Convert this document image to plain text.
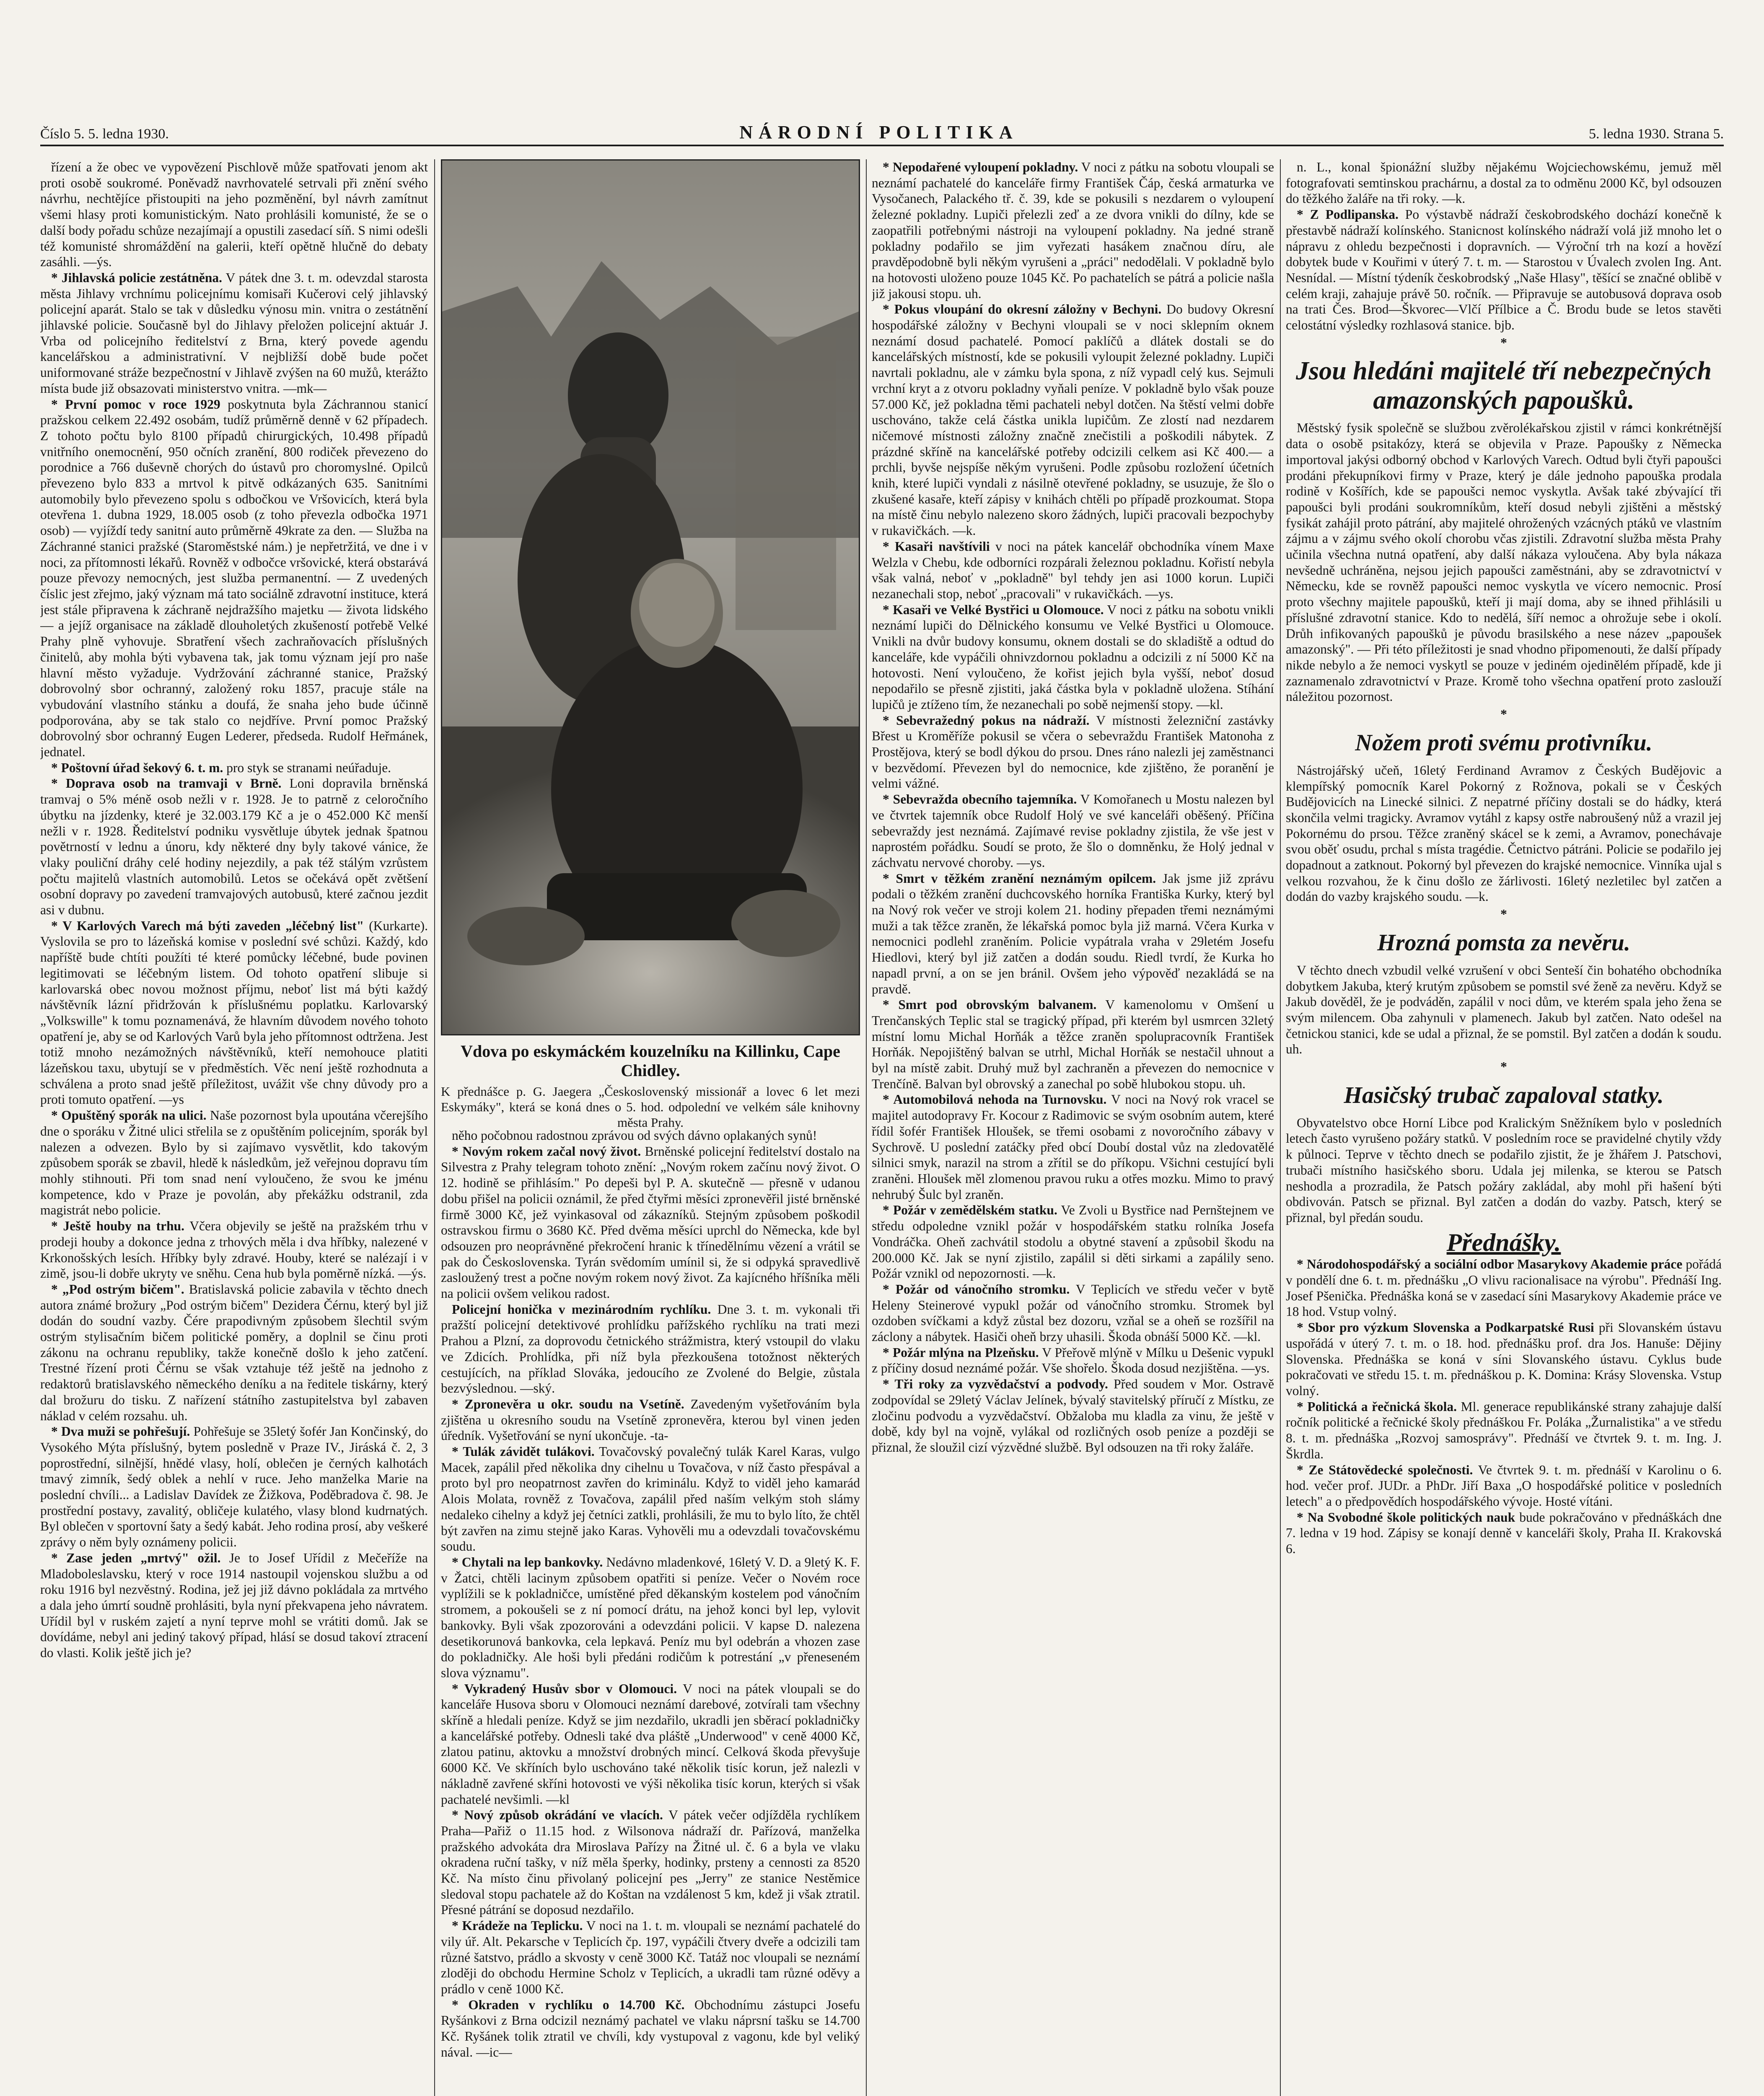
Číslo 5. 5. ledna 1930.	NÁRODNÍ POLITIKA	5. ledna 1930. Strana 5.

řízení a že obec ve vypovězení Pischlově může spatřovati jenom akt proti osobě soukromé. Poněvadž navrhovatelé setrvali při znění svého návrhu, nechtějíce přistoupiti na jeho pozměnění, byl návrh zamítnut všemi hlasy proti komunistickým. Nato prohlásili komunisté, že se o další body pořadu schůze nezajímají a opustili zasedací síň. S nimi odešli též komunisté shromáždění na galerii, kteří opětně hlučně do debaty zasáhli. —ýs.

* Jihlavská policie zestátněna. V pátek dne 3. t. m. odevzdal starosta města Jihlavy vrchnímu policejnímu komisaři Kučerovi celý jihlavský policejní aparát. Stalo se tak v důsledku výnosu min. vnitra o zestátnění jihlavské policie. Současně byl do Jihlavy přeložen policejní aktuár J. Vrba od policejního ředitelství z Brna, který povede agendu kancelářskou a administrativní. V nejbližší době bude počet uniformované stráže bezpečnostní v Jihlavě zvýšen na 60 mužů, kterážto místa bude již obsazovati ministerstvo vnitra. —mk—

* První pomoc v roce 1929 poskytnuta byla Záchrannou stanicí pražskou celkem 22.492 osobám, tudíž průměrně denně v 62 případech. Z tohoto počtu bylo 8100 případů chirurgických, 10.498 případů vnitřního onemocnění, 950 očních zranění, 800 rodiček převezeno do porodnice a 766 duševně chorých do ústavů pro choromyslné. Opilců převezeno bylo 833 a mrtvol k pitvě odkázaných 635. Sanitními automobily bylo převezeno spolu s odbočkou ve Vršovicích, která byla otevřena 1. dubna 1929, 18.005 osob (z toho převezla odbočka 1971 osob) — vyjíždí tedy sanitní auto průměrně 49krate za den. — Služba na Záchranné stanici pražské (Staroměstské nám.) je nepřetržitá, ve dne i v noci, za přítomnosti lékařů. Rovněž v odbočce vršovické, která obstarává pouze převozy nemocných, jest služba permanentní. — Z uvedených číslic jest zřejmo, jaký význam má tato sociálně zdravotní instituce, která jest stále připravena k záchraně nejdražšího majetku — života lidského — a jejíž organisace na základě dlouholetých zkušeností potřebě Velké Prahy plně vyhovuje. Sbratření všech zachraňovacích příslušných činitelů, aby mohla býti vybavena tak, jak tomu význam její pro naše hlavní město vyžaduje. Vydržování záchranné stanice, Pražský dobrovolný sbor ochranný, založený roku 1857, pracuje stále na vybudování vlastního stánku a doufá, že snaha jeho bude účinně podporována, aby se tak stalo co nejdříve. První pomoc Pražský dobrovolný sbor ochranný Eugen Lederer, předseda. Rudolf Heřmánek, jednatel.

* Poštovní úřad šekový 6. t. m. pro styk se stranami neúřaduje.

* Doprava osob na tramvaji v Brně. Loni dopravila brněnská tramvaj o 5% méně osob nežli v r. 1928. Je to patrně z celoročního úbytku na jízdenky, které je 32.003.179 Kč a je o 452.000 Kč menší nežli v r. 1928. Ředitelství podniku vysvětluje úbytek jednak špatnou povětrností v lednu a únoru, kdy některé dny byly takové vánice, že vlaky pouliční dráhy celé hodiny nejezdily, a pak též stálým vzrůstem počtu majitelů vlastních automobilů. Letos se očekává opět zvětšení osobní dopravy po zavedení tramvajových autobusů, které začnou jezdit asi v dubnu.

* V Karlových Varech má býti zaveden „léčebný list" (Kurkarte). Vyslovila se pro to lázeňská komise v poslední své schůzi. Každý, kdo napříště bude chtíti použíti té které pomůcky léčebné, bude povinen legitimovati se léčebným listem. Od tohoto opatření slibuje si karlovarská obec novou možnost příjmu, neboť list má býti každý návštěvník lázní přidržován k příslušnému poplatku. Karlovarský „Volkswille" k tomu poznamenává, že hlavním důvodem nového tohoto opatření je, aby se od Karlových Varů byla jeho přítomnost odtržena. Jest totiž mnoho nezámožných návštěvníků, kteří nemohouce platiti lázeňskou taxu, ubytují se v předměstích. Věc není ještě rozhodnuta a schválena a proto snad ještě příležitost, uvážit vše chny důvody pro a proti tomuto opatření. —ys

* Opuštěný sporák na ulici. Naše pozornost byla upoutána včerejšího dne o sporáku v Žitné ulici střelila se z opuštěním policejním, sporák byl nalezen a odvezen. Bylo by si zajímavo vysvětlit, kdo takovým způsobem sporák se zbavil, hledě k následkům, jež veřejnou dopravu tím mohly stihnouti. Při tom snad není vyloučeno, že svou ke jménu kompetence, kdo v Praze je povolán, aby překážku odstranil, zda magistrát nebo policie.

* Ještě houby na trhu. Včera objevily se ještě na pražském trhu v prodeji houby a dokonce jedna z trhových měla i dva hříbky, nalezené v Krkonošských lesích. Hříbky byly zdravé. Houby, které se nalézají i v zimě, jsou-li dobře ukryty ve sněhu. Cena hub byla poměrně nízká. —ýs.

* „Pod ostrým bičem". Bratislavská policie zabavila v těchto dnech autora známé brožury „Pod ostrým bičem" Dezidera Čérnu, který byl již dodán do soudní vazby. Čére prapodivným způsobem šlechtil svým ostrým stylisačním bičem politické poměry, a doplnil se činu proti zákonu na ochranu republiky, takže konečně došlo k jeho zatčení. Trestné řízení proti Čérnu se však vztahuje též ještě na jednoho z redaktorů bratislavského německého deníku a na ředitele tiskárny, který dal brožuru do tisku. Z nařízení státního zastupitelstva byl zabaven náklad v celém rozsahu. uh.

* Dva muži se pohřešují. Pohřešuje se 35letý šofér Jan Končinský, do Vysokého Mýta příslušný, bytem posledně v Praze IV., Jiráská č. 2, 3 poprostřední, silnější, hnědé vlasy, holí, oblečen je černých kalhotách tmavý zimník, šedý oblek a nehlí v ruce. Jeho manželka Marie na poslední chvíli... a Ladislav Davídek ze Žižkova, Poděbradova č. 98. Je prostřední postavy, zavalitý, obličeje kulatého, vlasy blond kudrnatých. Byl oblečen v sportovní šaty a šedý kabát. Jeho rodina prosí, aby veškeré zprávy o něm byly oznámeny policii.

* Zase jeden „mrtvý" ožil. Je to Josef Uřídil z Mečeříže na Mladoboleslavsku, který v roce 1914 nastoupil vojenskou službu a od roku 1916 byl nezvěstný. Rodina, jež jej již dávno pokládala za mrtvého a dala jeho úmrtí soudně prohlásiti, byla nyní překvapena jeho návratem. Uřídil byl v ruském zajetí a nyní teprve mohl se vrátiti domů. Jak se dovídáme, nebyl ani jediný takový případ, hlásí se dosud takoví ztracení do vlasti. Kolik ještě jich je?

Vdova po eskymáckém kouzelníku na Killinku, Cape Chidley.
K přednášce p. G. Jaegera „Československý missionář a lovec 6 let mezi Eskymáky", která se koná dnes o 5. hod. odpolední ve velkém sále knihovny města Prahy.

něho počobnou radostnou zprávou od svých dávno oplakaných synů!

* Novým rokem začal nový život. Brněnské policejní ředitelství dostalo na Silvestra z Prahy telegram tohoto znění: „Novým rokem začínu nový život. O 12. hodině se přihlásím." Po depeši byl P. A. skutečně — přesně v udanou dobu přišel na policii oznámil, že před čtyřmi měsíci zpronevěřil jisté brněnské firmě 3000 Kč, jež vyinkasoval od zákazníků. Stejným způsobem poškodil ostravskou firmu o 3680 Kč. Před dvěma měsíci uprchl do Německa, kde byl odsouzen pro neoprávněné překročení hranic k třínedělnímu vězení a vrátil se pak do Československa. Tyrán svědomím umínil si, že si odpyká spravedlivě zasloužený trest a počne novým rokem nový život. Za kajícného hříšníka měli na policii ovšem velikou radost.

Policejní honička v mezinárodním rychlíku. Dne 3. t. m. vykonali tři pražští policejní detektivové prohlídku pařížského rychlíku na trati mezi Prahou a Plzní, za doprovodu četnického strážmistra, který vstoupil do vlaku ve Zdicích. Prohlídka, při níž byla přezkoušena totožnost některých cestujících, na příklad Slováka, jedoucího ze Zvolené do Belgie, zůstala bezvýslednou. —ský.

* Zpronevěra u okr. soudu na Vsetíně. Zavedeným vyšetřováním byla zjištěna u okresního soudu na Vsetíně zpronevěra, kterou byl vinen jeden úředník. Vyšetřování se nyní ukončuje. -ta-

* Tulák závidět tulákovi. Tovačovský povalečný tulák Karel Karas, vulgo Macek, zapálil před několika dny cihelnu u Tovačova, v níž často přespával a proto byl pro neopatrnost zavřen do kriminálu. Když to viděl jeho kamarád Alois Molata, rovněž z Tovačova, zapálil před naším velkým stoh slámy nedaleko cihelny a když jej četníci zatkli, prohlásili, že mu to bylo líto, že chtěl být zavřen na zimu stejně jako Karas. Vyhověli mu a odevzdali tovačovskému soudu.

* Chytali na lep bankovky. Nedávno mladenkové, 16letý V. D. a 9letý K. F. v Žatci, chtěli lacinym způsobem opatřiti si peníze. Večer o Novém roce vyplížili se k pokladničce, umístěné před děkanským kostelem pod vánočním stromem, a pokoušeli se z ní pomocí drátu, na jehož konci byl lep, vylovit bankovky. Byli však zpozorováni a odevzdáni policii. V kapse D. nalezena desetikorunová bankovka, cela lepkavá. Peníz mu byl odebrán a vhozen zase do pokladničky. Ale hoši byli předáni rodičům k potrestání „v přeneseném slova významu".

* Vykradený Husův sbor v Olomouci. V noci na pátek vloupali se do kanceláře Husova sboru v Olomouci neznámí darebové, zotvírali tam všechny skříně a hledali peníze. Když se jim nezdařilo, ukradli jen sběrací pokladničky a kancelářské potřeby. Odnesli také dva pláště „Underwood" v ceně 4000 Kč, zlatou patinu, aktovku a množství drobných mincí. Celková škoda převyšuje 6000 Kč. Ve skříních bylo uschováno také několik tisíc korun, jež nalezli v nákladně zavřené skříni hotovosti ve výši několika tisíc korun, kterých si však pachatelé nevšimli. —kl

* Nový způsob okrádání ve vlacích. V pátek večer odjížděla rychlíkem Praha—Pařiž o 11.15 hod. z Wilsonova nádraží dr. Pařízová, manželka pražského advokáta dra Miroslava Pařízy na Žitné ul. č. 6 a byla ve vlaku okradena ruční tašky, v níž měla šperky, hodinky, prsteny a cennosti za 8520 Kč. Na místo činu přivolaný policejní pes „Jerry" ze stanice Nestěmice sledoval stopu pachatele až do Koštan na vzdálenost 5 km, kdež ji však ztratil. Přesné pátrání se doposud nezdařilo.

* Krádeže na Teplicku. V noci na 1. t. m. vloupali se neznámí pachatelé do vily úř. Alt. Pekarsche v Teplicích čp. 197, vypáčili čtvery dveře a odcizili tam různé šatstvo, prádlo a skvosty v ceně 3000 Kč. Tatáž noc vloupali se neznámí zloději do obchodu Hermine Scholz v Teplicích, a ukradli tam různé oděvy a prádlo v ceně 1000 Kč.

* Okraden v rychlíku o 14.700 Kč. Obchodnímu zástupci Josefu Ryšánkovi z Brna odcizil neznámý pachatel ve vlaku náprsní tašku se 14.700 Kč. Ryšánek tolik ztratil ve chvíli, kdy vystupoval z vagonu, kde byl veliký nával. —ic—

* Nepodařené vyloupení pokladny. V noci z pátku na sobotu vloupali se neznámí pachatelé do kanceláře firmy František Čáp, česká armaturka ve Vysočanech, Palackého tř. č. 39, kde se pokusili s nezdarem o vyloupení železné pokladny. Lupiči přelezli zeď a ze dvora vnikli do dílny, kde se zaopatřili potřebnými nástroji na vyloupení pokladny. Na jedné straně pokladny podařilo se jim vyřezati hasákem značnou díru, ale pravděpodobně byli někým vyrušeni a „práci" nedodělali. V pokladně bylo na hotovosti uloženo pouze 1045 Kč. Po pachatelích se pátrá a policie našla již jakousi stopu. uh.

* Pokus vloupání do okresní záložny v Bechyni. Do budovy Okresní hospodářské záložny v Bechyni vloupali se v noci sklepním oknem neznámí dosud pachatelé. Pomocí paklíčů a dlátek dostali se do kancelářských místností, kde se pokusili vyloupit železné pokladny. Lupiči navrtali pokladnu, ale v zámku byla spona, z níž vypadl celý kus. Sejmuli vrchní kryt a z otvoru pokladny vyňali peníze. V pokladně bylo však pouze 57.000 Kč, jež pokladna těmi pachateli nebyl dotčen. Na štěstí velmi dobře uschováno, takže celá částka unikla lupičům. Ze zlostí nad nezdarem ničemové místnosti záložny značně znečistili a poškodili nábytek. Z prázdné skříně na kancelářské potřeby odcizili celkem asi Kč 400.— a prchli, byvše nejspíše někým vyrušeni. Podle způsobu rozložení účetních knih, které lupiči vyndali z násilně otevřené pokladny, se usuzuje, že šlo o zkušené kasaře, kteří zápisy v knihách chtěli po případě prozkoumat. Stopa na místě činu nebylo nalezeno skoro žádných, lupiči pracovali bezpochyby v rukavičkách. —k.

* Kasaři navštívili v noci na pátek kancelář obchodníka vínem Maxe Welzla v Chebu, kde odborníci rozpárali železnou pokladnu. Kořistí nebyla však valná, neboť v „pokladně" byl tehdy jen asi 1000 korun. Lupiči nezanechali stop, neboť „pracovali" v rukavičkách. —ys.

* Kasaři ve Velké Bystřici u Olomouce. V noci z pátku na sobotu vnikli neznámí lupiči do Dělnického konsumu ve Velké Bystřici u Olomouce. Vnikli na dvůr budovy konsumu, oknem dostali se do skladiště a odtud do kanceláře, kde vypáčili ohnivzdornou pokladnu a odcizili z ní 5000 Kč na hotovosti. Není vyloučeno, že kořist jejich byla vyšší, neboť dosud nepodařilo se přesně zjistiti, jaká částka byla v pokladně uložena. Stíhání lupičů je ztíženo tím, že nezanechali po sobě nejmenší stopy. —kl.

* Sebevražedný pokus na nádraží. V místnosti železniční zastávky Břest u Kroměříže pokusil se včera o sebevraždu František Matonoha z Prostějova, který se bodl dýkou do prsou. Dnes ráno nalezli jej zaměstnanci v bezvědomí. Převezen byl do nemocnice, kde zjištěno, že poranění je velmi vážné.

* Sebevražda obecního tajemníka. V Komořanech u Mostu nalezen byl ve čtvrtek tajemník obce Rudolf Holý ve své kanceláři oběšený. Příčina sebevraždy jest neznámá. Zajímavé revise pokladny zjistila, že vše jest v naprostém pořádku. Soudí se proto, že šlo o domněnku, že Holý jednal v záchvatu nervové choroby. —ys.

* Smrt v těžkém zranění neznámým opilcem. Jak jsme již zprávu podali o těžkém zranění duchcovského horníka Františka Kurky, který byl na Nový rok večer ve stroji kolem 21. hodiny přepaden třemi neznámými muži a tak těžce zraněn, že lékařská pomoc byla již marná. Včera Kurka v nemocnici podlehl zraněním. Policie vypátrala vraha v 29letém Josefu Hiedlovi, který byl již zatčen a dodán soudu. Riedl tvrdí, že Kurka ho napadl první, a on se jen bránil. Ovšem jeho výpověď nezakládá se na pravdě.

* Smrt pod obrovským balvanem. V kamenolomu v Omšení u Trenčanských Teplic stal se tragický případ, při kterém byl usmrcen 32letý místní lomu Michal Horňák a těžce zraněn spolupracovník František Horňák. Nepojištěný balvan se utrhl, Michal Horňák se nestačil uhnout a byl na místě zabit. Druhý muž byl zachraněn a převezen do nemocnice v Trenčíně. Balvan byl obrovský a zanechal po sobě hlubokou stopu. uh.

* Automobilová nehoda na Turnovsku. V noci na Nový rok vracel se majitel autodopravy Fr. Kocour z Radimovic se svým osobním autem, které řídil šofér František Hloušek, se třemi osobami z novoročního zábavy v Sychrově. U poslední zatáčky před obcí Doubí dostal vůz na zledovatělé silnici smyk, narazil na strom a zřítil se do příkopu. Všichni cestující byli zraněni. Hloušek měl zlomenou pravou ruku a otřes mozku. Mimo to pravý nehrubý Šulc byl zraněn.

* Požár v zemědělském statku. Ve Zvoli u Bystřice nad Pernštejnem ve středu odpoledne vznikl požár v hospodářském statku rolníka Josefa Vondráčka. Oheň zachvátil stodolu a obytné stavení a způsobil škodu na 200.000 Kč. Jak se nyní zjistilo, zapálil si děti sirkami a zapálily seno. Požár vznikl od nepozornosti. —k.

* Požár od vánočního stromku. V Teplicích ve středu večer v bytě Heleny Steinerové vypukl požár od vánočního stromku. Stromek byl ozdoben svíčkami a když zůstal bez dozoru, vzňal se a oheň se rozšířil na záclony a nábytek. Hasiči oheň brzy uhasili. Škoda obnáší 5000 Kč. —kl.

* Požár mlýna na Plzeňsku. V Přeřově mlýně v Mílku u Dešenic vypukl z příčiny dosud neznámé požár. Vše shořelo. Škoda dosud nezjištěna. —ys.

* Tři roky za vyzvědačství a podvody. Před soudem v Mor. Ostravě zodpovídal se 29letý Václav Jelínek, bývalý stavitelský příručí z Místku, ze zločinu podvodu a vyzvědačství. Obžaloba mu kladla za vinu, že ještě v době, kdy byl na vojně, vylákal od rozličných osob peníze a později se přiznal, že sloužil cizí výzvědné službě. Byl odsouzen na tři roky žaláře.

n. L., konal špionážní služby nějakému Wojciechowskému, jemuž měl fotografovati semtinskou prachárnu, a dostal za to odměnu 2000 Kč, byl odsouzen do těžkého žaláře na tři roky. —k.

* Z Podlipanska. Po výstavbě nádraží českobrodského dochází konečně k přestavbě nádraží kolínského. Stanicnost kolínského nádraží volá již mnoho let o nápravu z ohledu bezpečnosti i dopravních. — Výroční trh na kozí a hovězí dobytek bude v Kouřimi v úterý 7. t. m. — Starostou v Úvalech zvolen Ing. Ant. Nesnídal. — Místní týdeník českobrodský „Naše Hlasy", těšící se značné oblibě v celém kraji, zahajuje právě 50. ročník. — Připravuje se autobusová doprava osob na trati Čes. Brod—Škvorec—Vlčí Přílbice a Č. Brodu bude se letos stavěti celostátní výsledky rozhlasová stanice. bjb.

*
Jsou hledáni majitelé tří nebezpečných amazonských papoušků.

Městský fysik společně se službou zvěrolékařskou zjistil v rámci konkrétnější data o osobě psitakózy, která se objevila v Praze. Papoušky z Německa importoval jakýsi odborný obchod v Karlových Varech. Odtud byli čtyři papoušci prodáni překupníkovi firmy v Praze, který je dále jednoho papouška prodala rodině v Košířích, kde se papoušci nemoc vyskytla. Avšak také zbývající tři papoušci byli prodáni soukromníkům, kteří dosud nebyli zjištěni a městský fysikát zahájil proto pátrání, aby majitelé ohrožených vzácných ptáků ve vlastním zájmu a v zájmu svého okolí chorobu včas zjistili. Zdravotní služba města Prahy učinila všechna nutná opatření, aby další nákaza vyloučena. Aby byla nákaza nevšedně uchráněna, nejsou jejich papoušci zaměstnáni, aby se zdravotnictví v Německu, kde se rovněž papoušci nemoc vyskytla ve vícero nemocnic. Prosí proto všechny majitele papoušků, kteří ji mají doma, aby se ihned přihlásili u příslušné zdravotní stanice. Kdo to nedělá, šíří nemoc a ohrožuje sebe i okolí. Drůh infikovaných papoušků je původu brasilského a nese název „papoušek amazonský". — Při této příležitosti je snad vhodno připomenouti, že další případy nikde nebylo a že nemoci vyskytl se pouze v jediném ojedinělém případě, kde ji zaznamenalo zdravotnictví v Praze. Kromě toho všechna opatření proto zaslouží náležitou pozornost.

*
Nožem proti svému protivníku.

Nástrojářský učeň, 16letý Ferdinand Avramov z Českých Budějovic a klempířský pomocník Karel Pokorný z Rožnova, pokali se v Českých Budějovicích na Linecké silnici. Z nepatrné příčiny dostali se do hádky, která skončila velmi tragicky. Avramov vytáhl z kapsy ostře nabroušený nůž a vrazil jej Pokornému do prsou. Těžce zraněný skácel se k zemi, a Avramov, ponechávaje svou oběť osudu, prchal s místa tragédie. Četnictvo pátráni. Policie se podařilo jej dopadnout a zatknout. Pokorný byl převezen do krajské nemocnice. Vinníka ujal s velkou rozvahou, že k činu došlo ze žárlivosti. 16letý nezletilec byl zatčen a dodán do vazby krajského soudu. —k.

*
Hrozná pomsta za nevěru.

V těchto dnech vzbudil velké vzrušení v obci Senteší čin bohatého obchodníka dobytkem Jakuba, který krutým způsobem se pomstil své ženě za nevěru. Když se Jakub dověděl, že je podváděn, zapálil v noci dům, ve kterém spala jeho žena se svým milencem. Oba zahynuli v plamenech. Jakub byl zatčen. Nato odešel na četnickou stanici, kde se udal a přiznal, že se pomstil. Byl zatčen a dodán k soudu. uh.

*
Hasičský trubač zapaloval statky.

Obyvatelstvo obce Horní Libce pod Kralickým Sněžníkem bylo v posledních letech často vyrušeno požáry statků. V posledním roce se pravidelné chytily vždy k půlnoci. Teprve v těchto dnech se podařilo zjistit, že je žhářem J. Patschovi, trubači místního hasičského sboru. Udala jej milenka, se kterou se Patsch neshodla a prozradila, že Patsch požáry zakládal, aby mohl při hašení býti obdivován. Patsch se přiznal. Byl zatčen a dodán do vazby. Patsch, který se přiznal, byl předán soudu.

Přednášky.

* Národohospodářský a sociální odbor Masarykovy Akademie práce pořádá v pondělí dne 6. t. m. přednášku „O vlivu racionalisace na výrobu". Přednáší Ing. Josef Pšenička. Přednáška koná se v zasedací síni Masarykovy Akademie práce ve 18 hod. Vstup volný.

* Sbor pro výzkum Slovenska a Podkarpatské Rusi při Slovanském ústavu uspořádá v úterý 7. t. m. o 18. hod. přednášku prof. dra Jos. Hanuše: Dějiny Slovenska. Přednáška se koná v síni Slovanského ústavu. Cyklus bude pokračovati ve středu 15. t. m. přednáškou p. K. Domina: Krásy Slovenska. Vstup volný.

* Politická a řečnická škola. Ml. generace republikánské strany zahajuje další ročník politické a řečnické školy přednáškou Fr. Poláka „Žurnalistika" a ve středu 8. t. m. přednáška „Rozvoj samosprávy". Přednáší ve čtvrtek 9. t. m. Ing. J. Škrdla.

* Ze Státovědecké společnosti. Ve čtvrtek 9. t. m. přednáší v Karolinu o 6. hod. večer prof. JUDr. a PhDr. Jiří Baxa „O hospodářské politice v posledních letech" a o předpovědích hospodářského vývoje. Hosté vítáni.

* Na Svobodné škole politických nauk bude pokračováno v přednáškách dne 7. ledna v 19 hod. Zápisy se konají denně v kanceláři školy, Praha II. Krakovská 6.
